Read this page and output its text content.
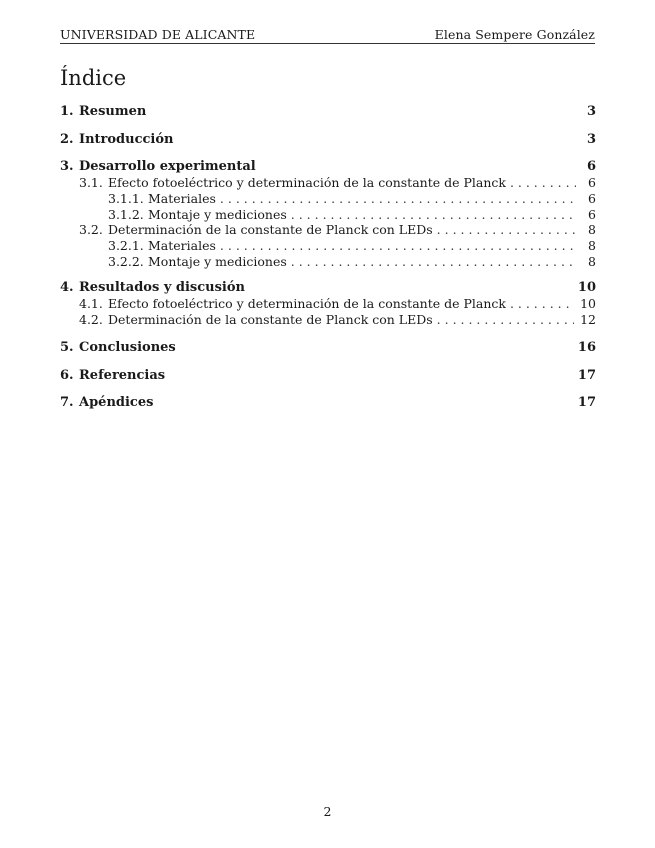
UNIVERSIDAD DE ALICANTE	Elena Sempere González
Índice
1. Resumen	3
2. Introducción	3
3. Desarrollo experimental	6
3.1. Efecto fotoeléctrico y determinación de la constante de Planck . . .	6
3.1.1. Materiales . . .	6
3.1.2. Montaje y mediciones . . .	6
3.2. Determinación de la constante de Planck con LEDs . . .	8
3.2.1. Materiales . . .	8
3.2.2. Montaje y mediciones . . .	8
4. Resultados y discusión	10
4.1. Efecto fotoeléctrico y determinación de la constante de Planck . . .	10
4.2. Determinación de la constante de Planck con LEDs . . .	12
5. Conclusiones	16
6. Referencias	17
7. Apéndices	17
2
